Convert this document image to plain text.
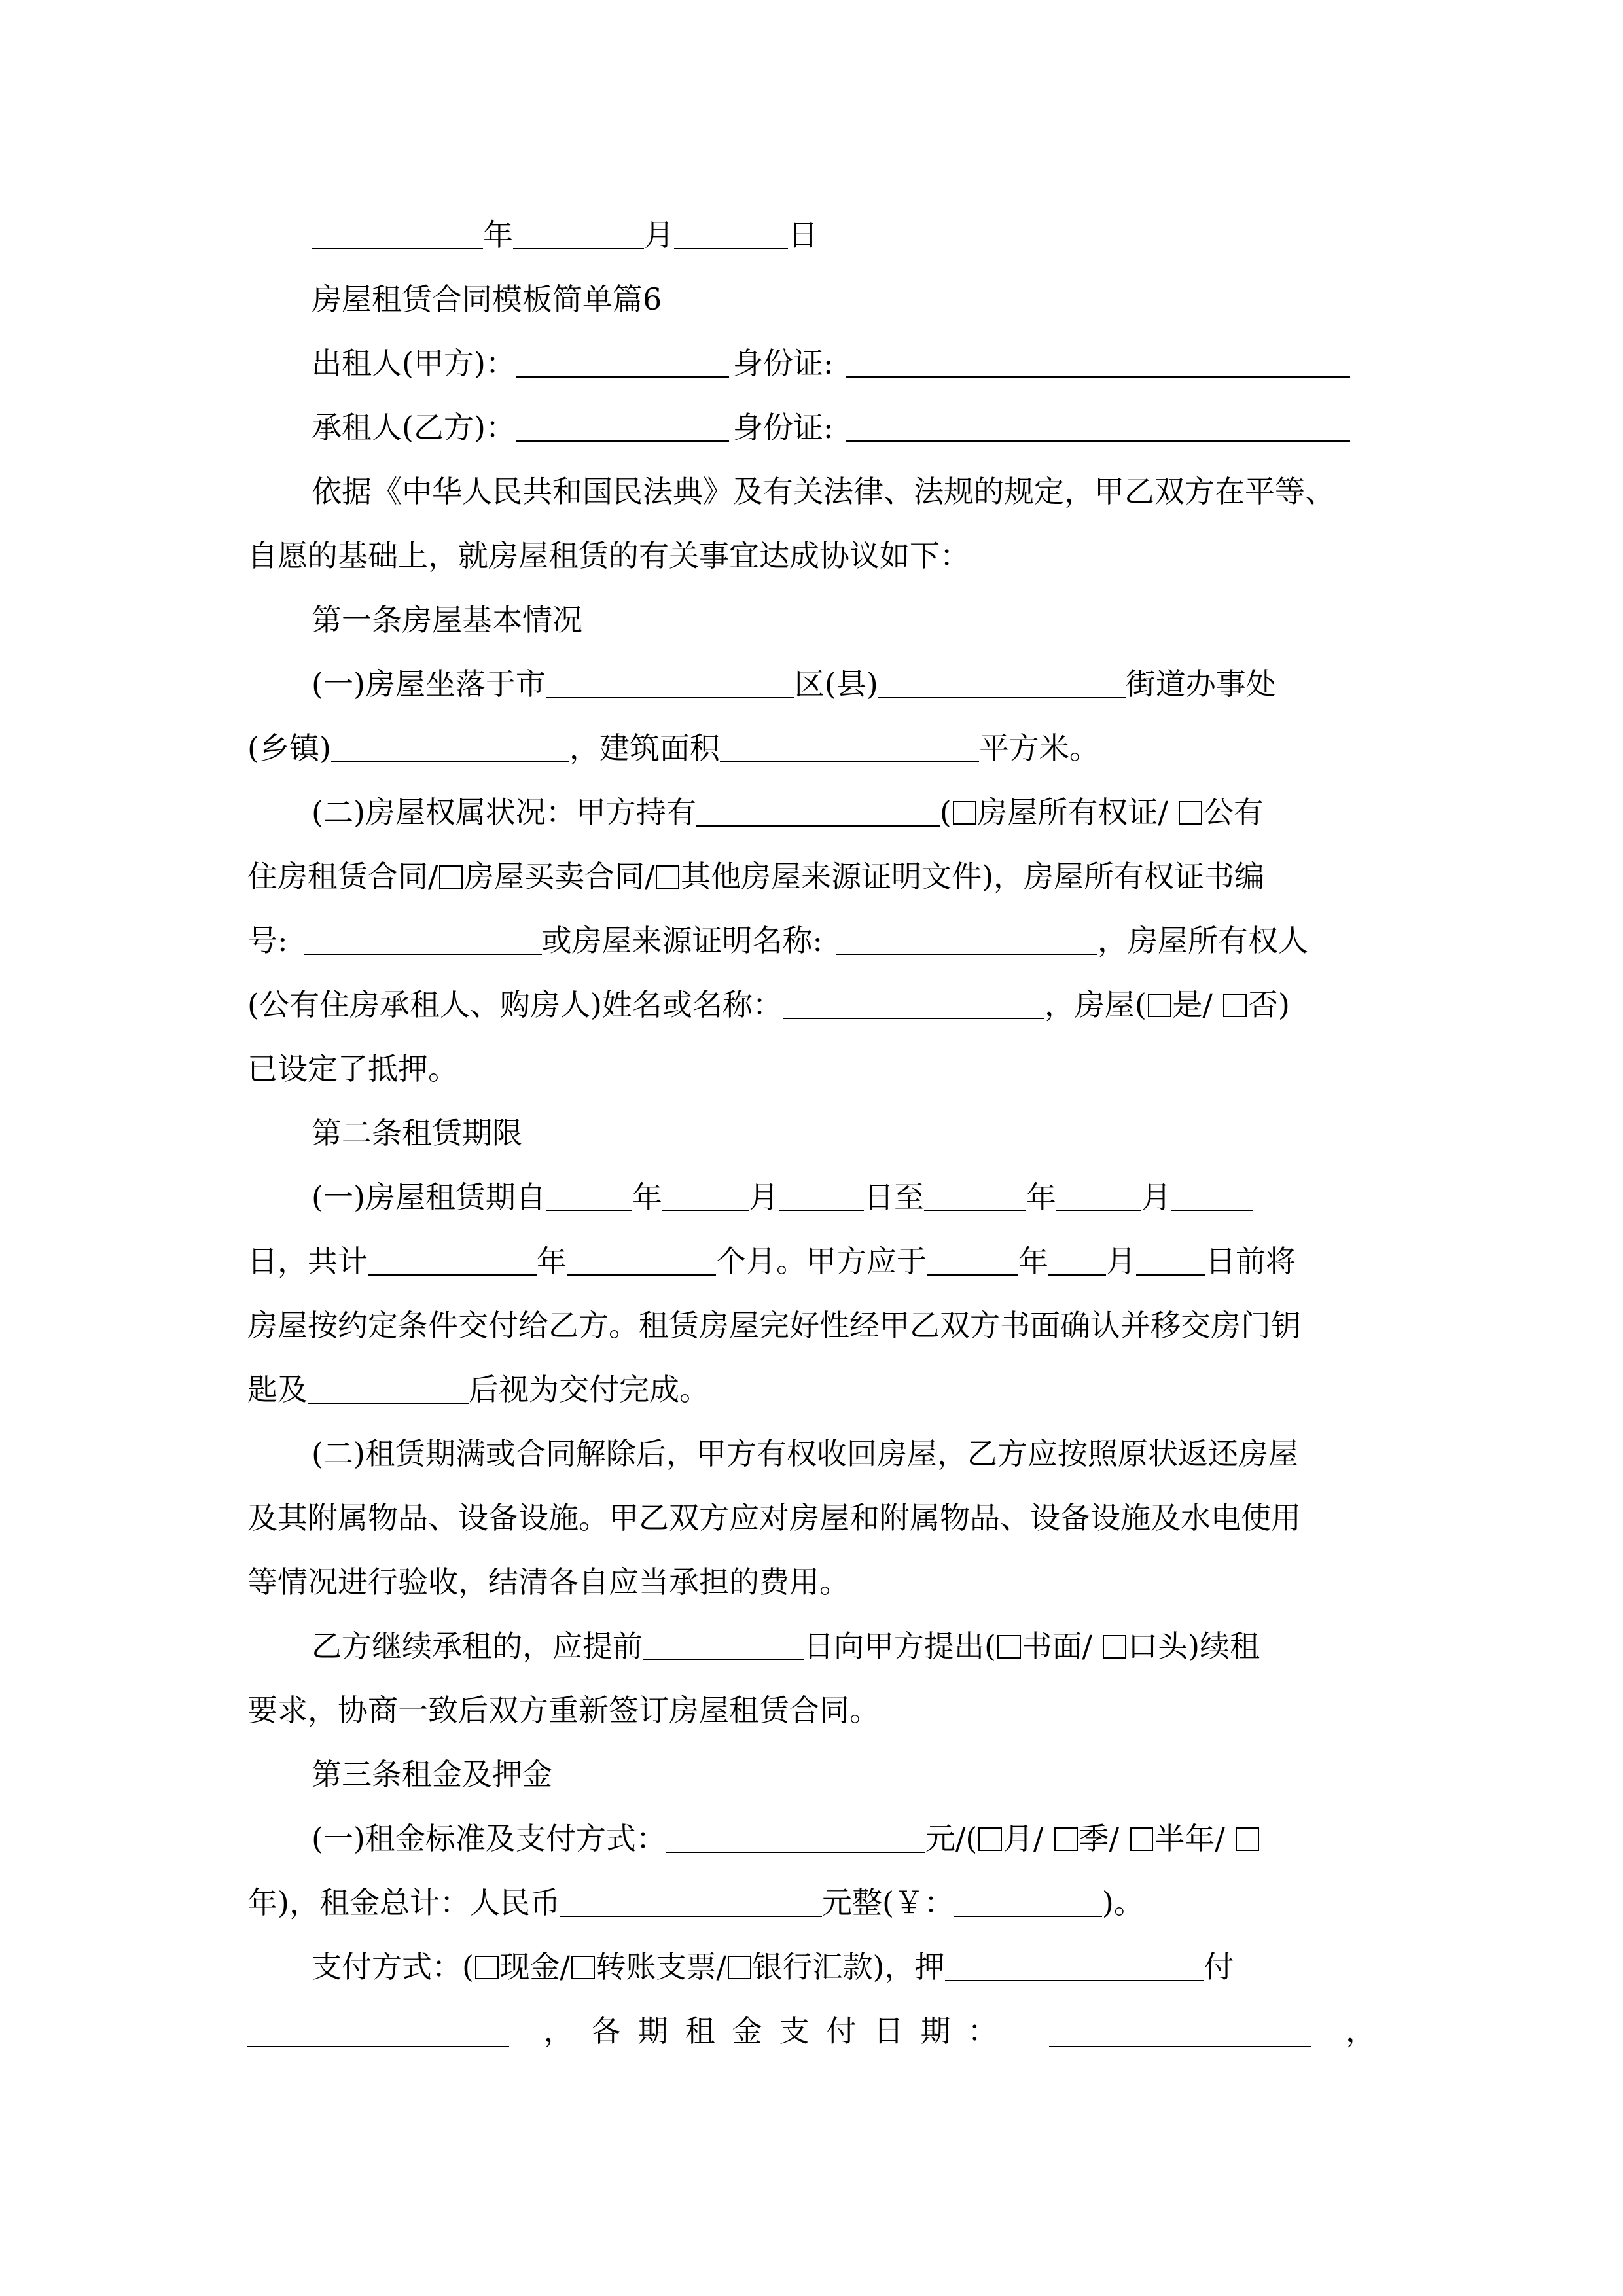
年	月	日
房屋租赁合同模板简单篇6
出租人(甲方)：	身份证:
承租人(乙方)：	身份证:
依据《中华人民共和国民法典》及有关法律、法规的规定，甲乙双方在平等、
自愿的基础上，就房屋租赁的有关事宜达成协议如下：
第一条房屋基本情况
(一)房屋坐落于市	区(县)	街道办事处
(乡镇)	，建筑面积	平方米。
(二)房屋权属状况：甲方持有	( 房屋所有权证/ 公有
住房租赁合同/ 房屋买卖合同/ 其他房屋来源证明文件)，房屋所有权证书编
号:	或房屋来源证明名称:	，房屋所有权人
(公有住房承租人、购房人)姓名或名称：	，房屋( 是/ 否)
已设定了抵押。
第二条租赁期限
(一)房屋租赁期自	年	月	日至	年	月
日，共计	年	个月。甲方应于	年 月 日前将
房屋按约定条件交付给乙方。租赁房屋完好性经甲乙双方书面确认并移交房门钥
匙及	后视为交付完成。
(二)租赁期满或合同解除后，甲方有权收回房屋，乙方应按照原状返还房屋
及其附属物品、设备设施。甲乙双方应对房屋和附属物品、设备设施及水电使用
等情况进行验收，结清各自应当承担的费用。
乙方继续承租的，应提前	日向甲方提出( 书面/ 口头)续租
要求，协商一致后双方重新签订房屋租赁合同。
第三条租金及押金
(一)租金标准及支付方式：	元/( 月/ 季/ 半年/
年)，租金总计：人民币	元整(￥：	)。
支付方式：( 现金/ 转账支票/ 银行汇款)，押	付
，各期租金支付日期：	，
